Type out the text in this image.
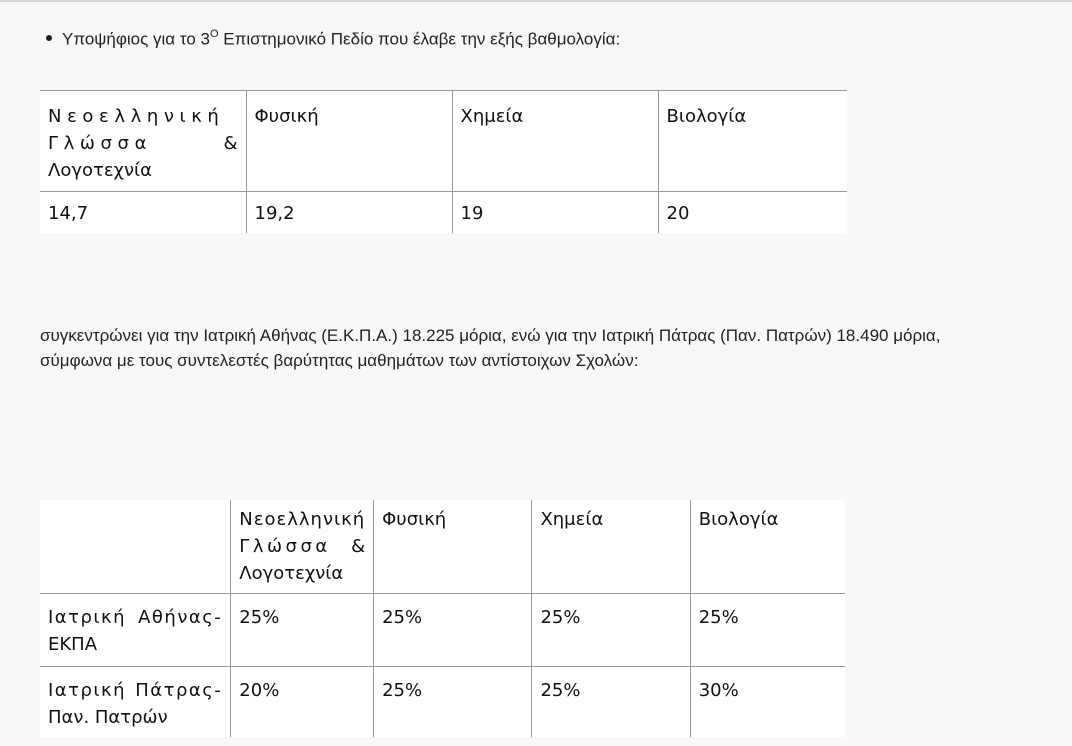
Υποψήφιος για το $3^O$ Επιστημονικό Πεδίο που έλαβε την εξής βαθμολογία:
Νεοελληνική
Γλώσσα &
Λογοτεχνία	Φυσική	Χημεία	Βιολογία

14,7	19,2	19	20
συγκεντρώνει για την Ιατρική Αθήνας (Ε.Κ.Π.Α.) 18.225 μόρια, ενώ για την Ιατρική Πάτρας (Παν. Πατρών) 18.490 μόρια,
σύμφωνα με τους συντελεστές βαρύτητας μαθημάτων των αντίστοιχων Σχολών:

	Νεοελληνική
Γλώσσα &
Λογοτεχνία	Φυσική	Χημεία	Βιολογία

Ιατρική Αθήνας-
ΕΚΠΑ	25%	25%	25%	25%

Ιατρική Πάτρας-
Παν. Πατρών	20%	25%	25%	30%
